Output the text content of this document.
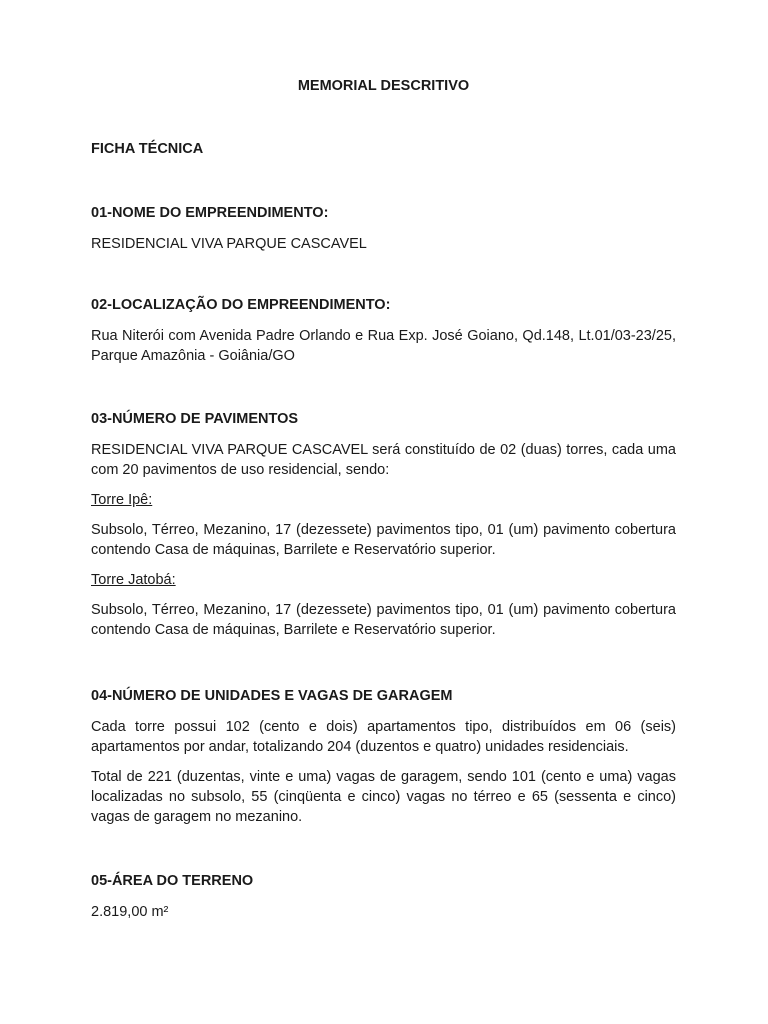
MEMORIAL DESCRITIVO

FICHA TÉCNICA

01-NOME DO EMPREENDIMENTO:

RESIDENCIAL VIVA PARQUE CASCAVEL

02-LOCALIZAÇÃO DO EMPREENDIMENTO:

Rua Niterói com Avenida Padre Orlando e Rua Exp. José Goiano, Qd.148, Lt.01/03-23/25, Parque Amazônia - Goiânia/GO

03-NÚMERO DE PAVIMENTOS

RESIDENCIAL VIVA PARQUE CASCAVEL será constituído de 02 (duas) torres, cada uma com 20 pavimentos de uso residencial, sendo:

Torre Ipê:

Subsolo, Térreo, Mezanino, 17 (dezessete) pavimentos tipo, 01 (um) pavimento cobertura contendo Casa de máquinas, Barrilete e Reservatório superior.

Torre Jatobá:

Subsolo, Térreo, Mezanino, 17 (dezessete) pavimentos tipo, 01 (um) pavimento cobertura contendo Casa de máquinas, Barrilete e Reservatório superior.

04-NÚMERO DE UNIDADES E VAGAS DE GARAGEM

Cada torre possui 102 (cento e dois) apartamentos tipo, distribuídos em 06 (seis) apartamentos por andar, totalizando 204 (duzentos e quatro) unidades residenciais.

Total de 221 (duzentas, vinte e uma) vagas de garagem, sendo 101 (cento e uma) vagas localizadas no subsolo, 55 (cinqüenta e cinco) vagas no térreo e 65 (sessenta e cinco) vagas de garagem no mezanino.

05-ÁREA DO TERRENO

2.819,00 m²
